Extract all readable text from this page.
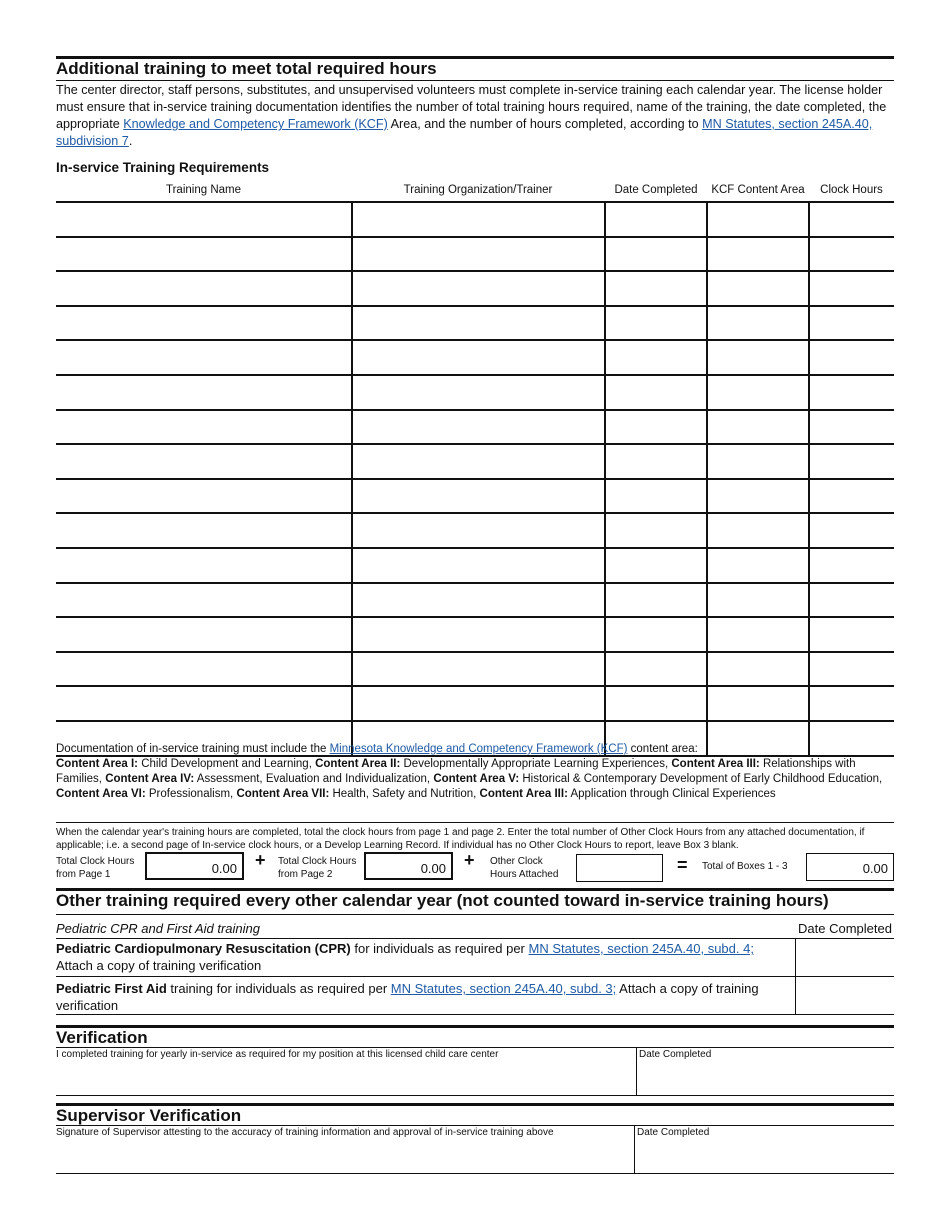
Additional training to meet total required hours
The center director, staff persons, substitutes, and unsupervised volunteers must complete in-service training each calendar year. The license holder must ensure that in-service training documentation identifies the number of total training hours required, name of the training, the date completed, the appropriate Knowledge and Competency Framework (KCF) Area, and the number of hours completed, according to MN Statutes, section 245A.40, subdivision 7.
In-service Training Requirements
Training Name	Training Organization/Trainer	Date Completed	KCF Content Area	Clock Hours

Documentation of in-service training must include the Minnesota Knowledge and Competency Framework (KCF) content area:
Content Area I: Child Development and Learning, Content Area II: Developmentally Appropriate Learning Experiences, Content Area III: Relationships with Families, Content Area IV: Assessment, Evaluation and Individualization, Content Area V: Historical & Contemporary Development of Early Childhood Education, Content Area VI: Professionalism, Content Area VII: Health, Safety and Nutrition, Content Area III: Application through Clinical Experiences
When the calendar year's training hours are completed, total the clock hours from page 1 and page 2. Enter the total number of Other Clock Hours from any attached documentation, if applicable; i.e. a second page of In-service clock hours, or a Develop Learning Record. If individual has no Other Clock Hours to report, leave Box 3 blank.
Total Clock Hours
from Page 1	0.00	+ Total Clock Hours
from Page 2	0.00	+ Other Clock
Hours Attached	= Total of Boxes 1 - 3	0.00
Other training required every other calendar year (not counted toward in-service training hours)
Pediatric CPR and First Aid training	Date Completed
Pediatric Cardiopulmonary Resuscitation (CPR) for individuals as required per MN Statutes, section 245A.40, subd. 4;
Attach a copy of training verification
Pediatric First Aid training for individuals as required per MN Statutes, section 245A.40, subd. 3; Attach a copy of training verification
Verification
I completed training for yearly in-service as required for my position at this licensed child care center	Date Completed
Supervisor Verification
Signature of Supervisor attesting to the accuracy of training information and approval of in-service training above	Date Completed
